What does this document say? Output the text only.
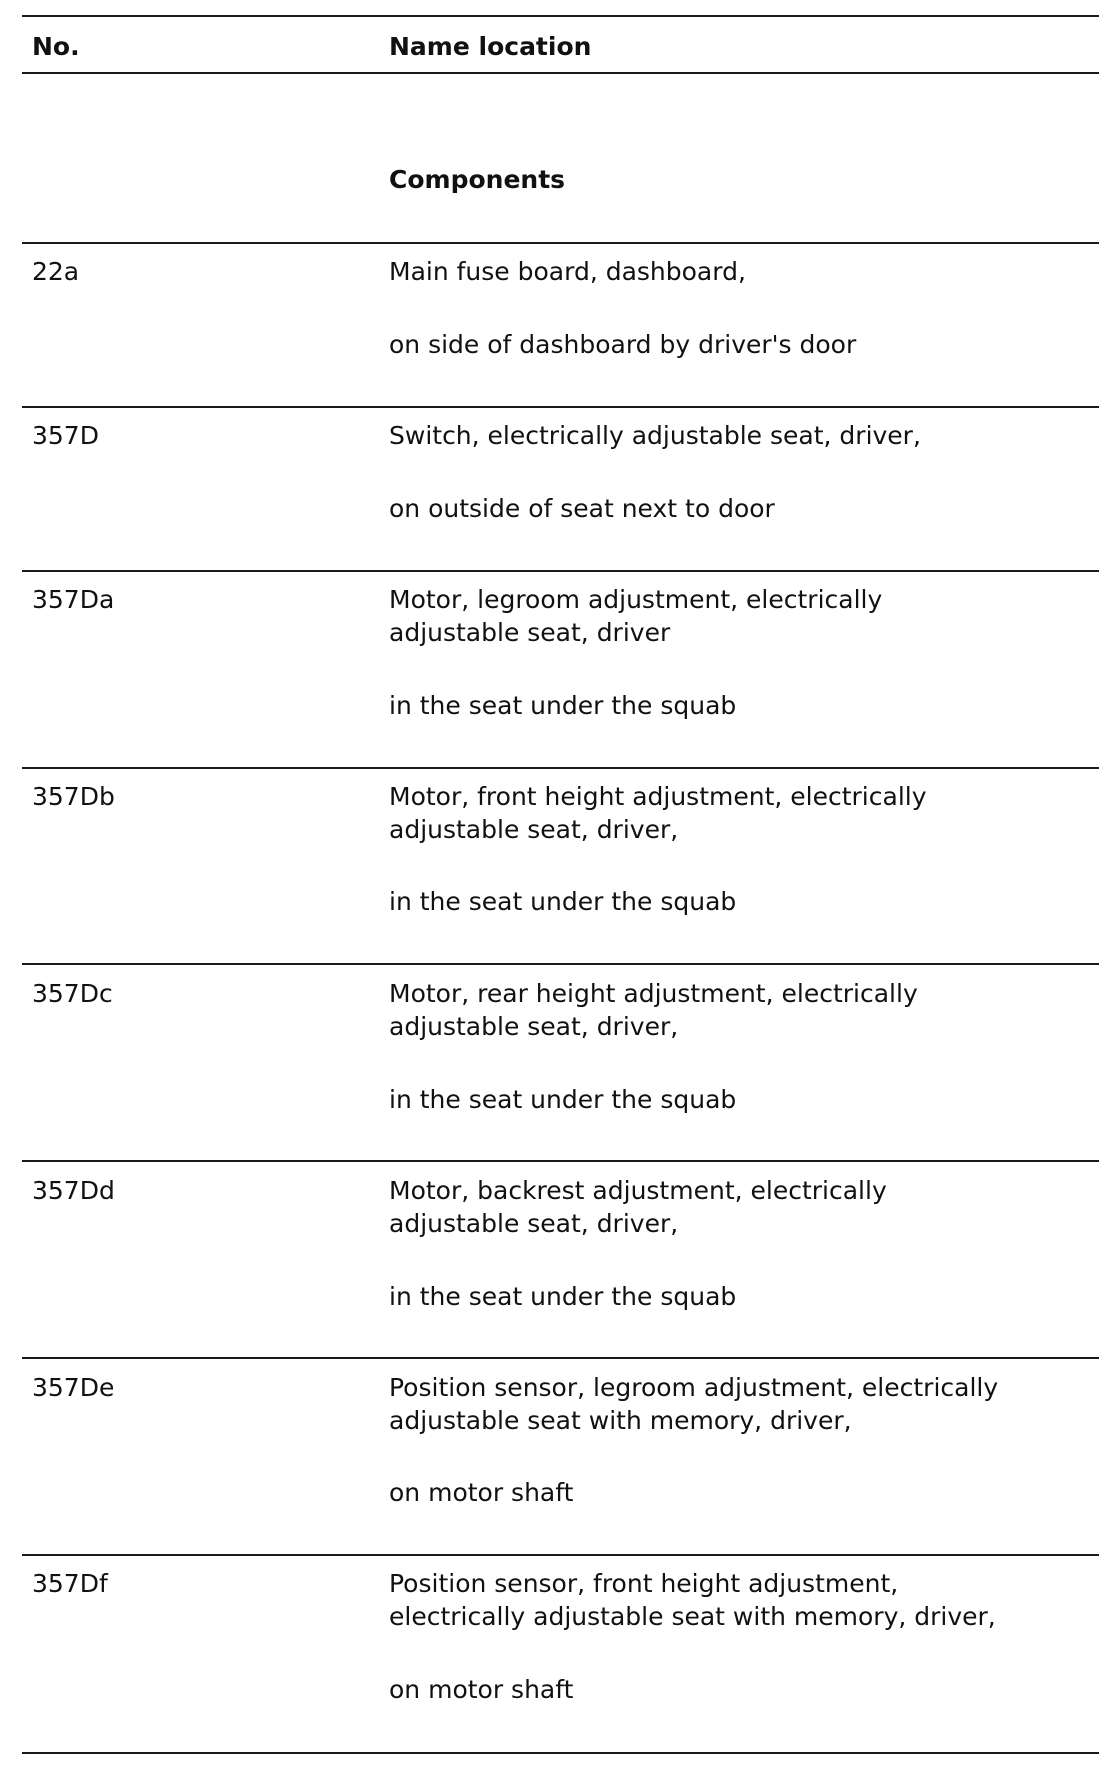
No.	Name location
Components
22a	Main fuse board, dashboard,
on side of dashboard by driver's door
357D	Switch, electrically adjustable seat, driver,
on outside of seat next to door
357Da	Motor, legroom adjustment, electrically
adjustable seat, driver
in the seat under the squab
357Db	Motor, front height adjustment, electrically
adjustable seat, driver,
in the seat under the squab
357Dc	Motor, rear height adjustment, electrically
adjustable seat, driver,
in the seat under the squab
357Dd	Motor, backrest adjustment, electrically
adjustable seat, driver,
in the seat under the squab
357De	Position sensor, legroom adjustment, electrically
adjustable seat with memory, driver,
on motor shaft
357Df	Position sensor, front height adjustment,
electrically adjustable seat with memory, driver,
on motor shaft
